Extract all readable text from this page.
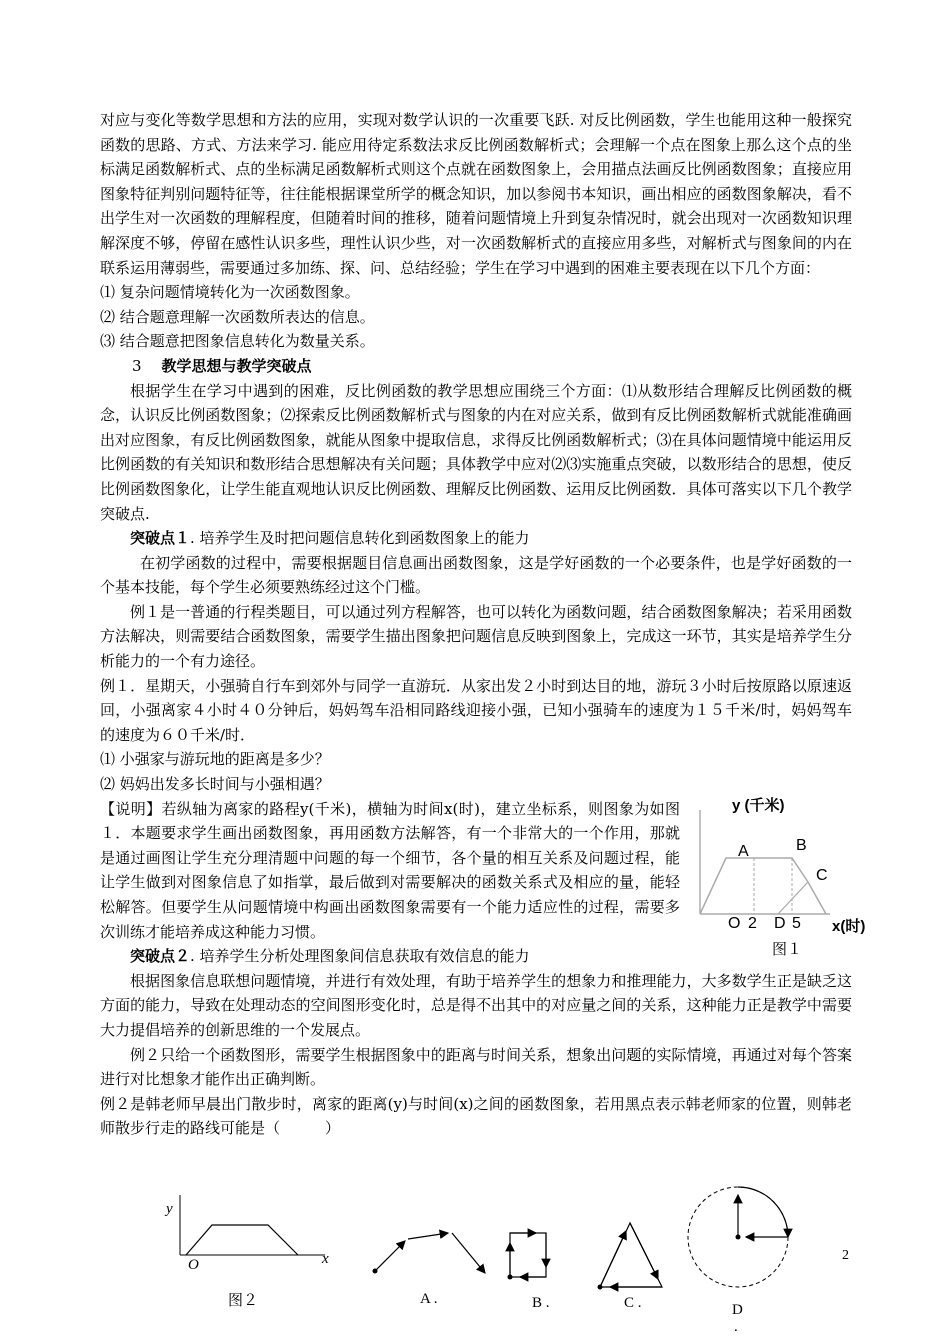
对应与变化等数学思想和方法的应用，实现对数学认识的一次重要飞跃. 对反比例函数，学生也能用这种一般探究函数的思路、方式、方法来学习. 能应用待定系数法求反比例函数解析式；会理解一个点在图象上那么这个点的坐标满足函数解析式、点的坐标满足函数解析式则这个点就在函数图象上，会用描点法画反比例函数图象；直接应用图象特征判别问题特征等，往往能根据课堂所学的概念知识，加以参阅书本知识，画出相应的函数图象解决，看不出学生对一次函数的理解程度，但随着时间的推移，随着问题情境上升到复杂情况时，就会出现对一次函数知识理解深度不够，停留在感性认识多些，理性认识少些，对一次函数解析式的直接应用多些，对解析式与图象间的内在联系运用薄弱些，需要通过多加练、探、问、总结经验；学生在学习中遇到的困难主要表现在以下几个方面：

⑴ 复杂问题情境转化为一次函数图象。

⑵ 结合题意理解一次函数所表达的信息。

⑶ 结合题意把图象信息转化为数量关系。

3 教学思想与教学突破点

根据学生在学习中遇到的困难，反比例函数的教学思想应围绕三个方面：⑴从数形结合理解反比例函数的概念，认识反比例函数图象；⑵探索反比例函数解析式与图象的内在对应关系，做到有反比例函数解析式就能准确画出对应图象，有反比例函数图象，就能从图象中提取信息，求得反比例函数解析式；⑶在具体问题情境中能运用反比例函数的有关知识和数形结合思想解决有关问题；具体教学中应对⑵⑶实施重点突破，以数形结合的思想，使反比例函数图象化，让学生能直观地认识反比例函数、理解反比例函数、运用反比例函数．具体可落实以下几个教学突破点.

突破点１. 培养学生及时把问题信息转化到函数图象上的能力

在初学函数的过程中，需要根据题目信息画出函数图象，这是学好函数的一个必要条件，也是学好函数的一个基本技能，每个学生必须要熟练经过这个门槛。

例１是一普通的行程类题目，可以通过列方程解答，也可以转化为函数问题，结合函数图象解决；若采用函数方法解决，则需要结合函数图象，需要学生描出图象把问题信息反映到图象上，完成这一环节，其实是培养学生分析能力的一个有力途径。

例１．星期天，小强骑自行车到郊外与同学一直游玩．从家出发２小时到达目的地，游玩３小时后按原路以原速返回，小强离家４小时４０分钟后，妈妈驾车沿相同路线迎接小强，已知小强骑车的速度为１５千米/时，妈妈驾车的速度为６０千米/时．

⑴ 小强家与游玩地的距离是多少？

⑵ 妈妈出发多长时间与小强相遇？

【说明】若纵轴为离家的路程y(千米)，横轴为时间x(时)，建立坐标系，则图象为如图１．本题要求学生画出函数图象，再用函数方法解答，有一个非常大的一个作用，那就是通过画图让学生充分理清题中问题的每一个细节，各个量的相互关系及问题过程，能让学生做到对图象信息了如指掌，最后做到对需要解决的函数关系式及相应的量，能轻松解答。但要学生从问题情境中构画出函数图象需要有一个能力适应性的过程，需要多次训练才能培养成这种能力习惯。

突破点２. 培养学生分析处理图象间信息获取有效信息的能力

根据图象信息联想问题情境，并进行有效处理，有助于培养学生的想象力和推理能力，大多数学生正是缺乏这方面的能力，导致在处理动态的空间图形变化时，总是得不出其中的对应量之间的关系，这种能力正是教学中需要大力提倡培养的创新思维的一个发展点。

例２只给一个函数图形，需要学生根据图象中的距离与时间关系，想象出问题的实际情境，再通过对每个答案进行对比想象才能作出正确判断。

例２是韩老师早晨出门散步时，离家的距离(y)与时间(x)之间的函数图象，若用黑点表示韩老师家的位置，则韩老师散步行走的路线可能是（　　　）

y (千米)
A	B
C
O 2 D 5 x(时)
图１
y
O	x
图２	A .	B .	C .	D
.
2
